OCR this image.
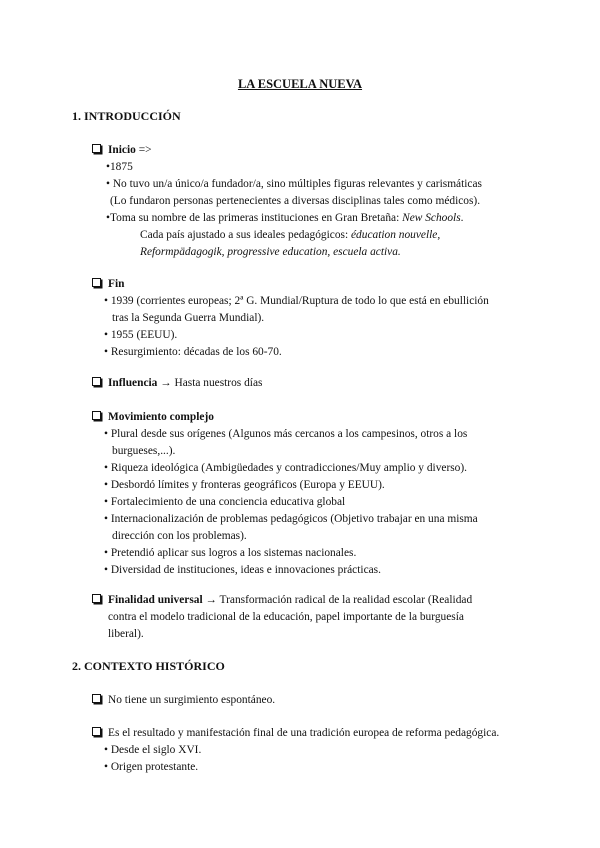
LA ESCUELA NUEVA
1. INTRODUCCIÓN
Inicio =>
•1875
• No tuvo un/a único/a fundador/a, sino múltiples figuras relevantes y carismáticas
(Lo fundaron personas pertenecientes a diversas disciplinas tales como médicos).
•Toma su nombre de las primeras instituciones en Gran Bretaña: New Schools.
Cada país ajustado a sus ideales pedagógicos: éducation nouvelle,
Reformpädagogik, progressive education, escuela activa.
Fin
• 1939 (corrientes europeas; 2ª G. Mundial/Ruptura de todo lo que está en ebullición
tras la Segunda Guerra Mundial).
• 1955 (EEUU).
• Resurgimiento: décadas de los 60-70.
Influencia → Hasta nuestros días
Movimiento complejo
• Plural desde sus orígenes (Algunos más cercanos a los campesinos, otros a los
burgueses,...).
• Riqueza ideológica (Ambigüedades y contradicciones/Muy amplio y diverso).
• Desbordó límites y fronteras geográficos (Europa y EEUU).
• Fortalecimiento de una conciencia educativa global
• Internacionalización de problemas pedagógicos (Objetivo trabajar en una misma
dirección con los problemas).
• Pretendió aplicar sus logros a los sistemas nacionales.
• Diversidad de instituciones, ideas e innovaciones prácticas.
Finalidad universal → Transformación radical de la realidad escolar (Realidad
contra el modelo tradicional de la educación, papel importante de la burguesía
liberal).
2. CONTEXTO HISTÓRICO
No tiene un surgimiento espontáneo.
Es el resultado y manifestación final de una tradición europea de reforma pedagógica.
• Desde el siglo XVI.
• Origen protestante.
